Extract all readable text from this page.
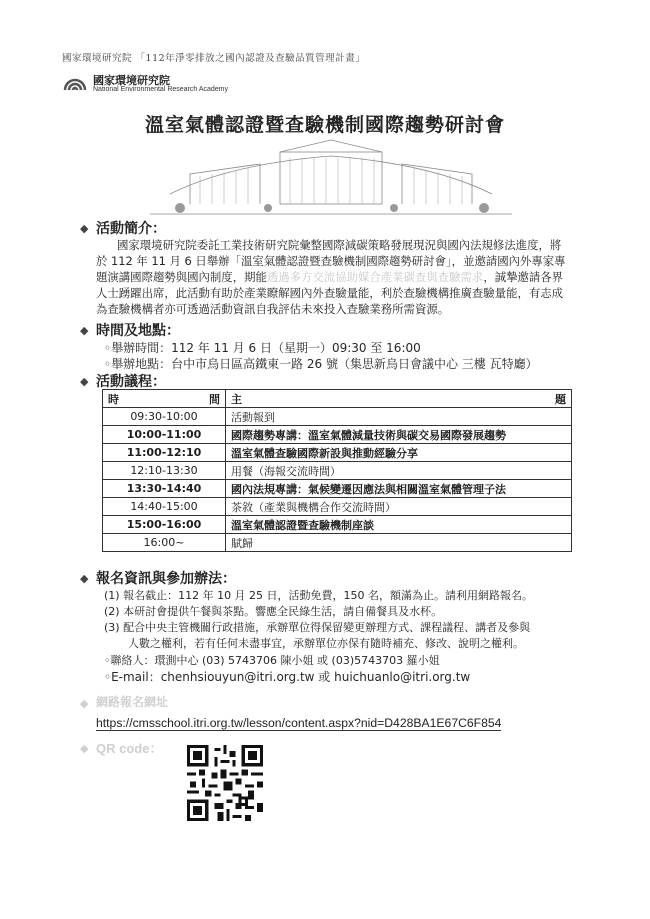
國家環境研究院 「112年淨零排放之國內認證及查驗品質管理計畫」
國家環境研究院
National Environmental Research Academy
溫室氣體認證暨查驗機制國際趨勢研討會
◆ 活動簡介：
國家環境研究院委託工業技術研究院彙整國際減碳策略發展現況與國內法規修法進度，將
於 112 年 11 月 6 日舉辦「溫室氣體認證暨查驗機制國際趨勢研討會」，並邀請國內外專家專
題演講國際趨勢與國內制度，期能透過多方交流協助媒合產業碳查與查驗需求，誠摯邀請各界
人士踴躍出席，此活動有助於產業瞭解國內外查驗量能，利於查驗機構推廣查驗量能，有志成
為查驗機構者亦可透過活動資訊自我評估未來投入查驗業務所需資源。
◆ 時間及地點：
◦舉辦時間：112 年 11 月 6 日（星期一）09:30 至 16:00
◦舉辦地點：台中市烏日區高鐵東一路 26 號（集思新烏日會議中心 三樓 瓦特廳）
◆ 活動議程：
時 間	主 題

09:30-10:00	活動報到
10:00-11:00	國際趨勢專講：溫室氣體減量技術與碳交易國際發展趨勢
11:00-12:10	溫室氣體查驗國際新設與推動經驗分享
12:10-13:30	用餐（海報交流時間）
13:30-14:40	國內法規專講：氣候變遷因應法與相關溫室氣體管理子法
14:40-15:00	茶敘（產業與機構合作交流時間）
15:00-16:00	溫室氣體認證暨查驗機制座談
16:00~	賦歸
◆ 報名資訊與參加辦法：
(1) 報名截止：112 年 10 月 25 日，活動免費，150 名，額滿為止。請利用網路報名。
(2) 本研討會提供午餐與茶點。響應全民綠生活，請自備餐具及水杯。
(3) 配合中央主管機關行政措施，承辦單位得保留變更辦理方式、課程議程、講者及參與
人數之權利，若有任何未盡事宜，承辦單位亦保有隨時補充、修改、說明之權利。
◦聯絡人：環測中心 (03) 5743706 陳小姐 或 (03)5743703 羅小姐
◦E-mail：chenhsiouyun@itri.org.tw 或 huichuanlo@itri.org.tw
◆ 網路報名網址
https://cmsschool.itri.org.tw/lesson/content.aspx?nid=D428BA1E67C6F854
◆ QR code：
